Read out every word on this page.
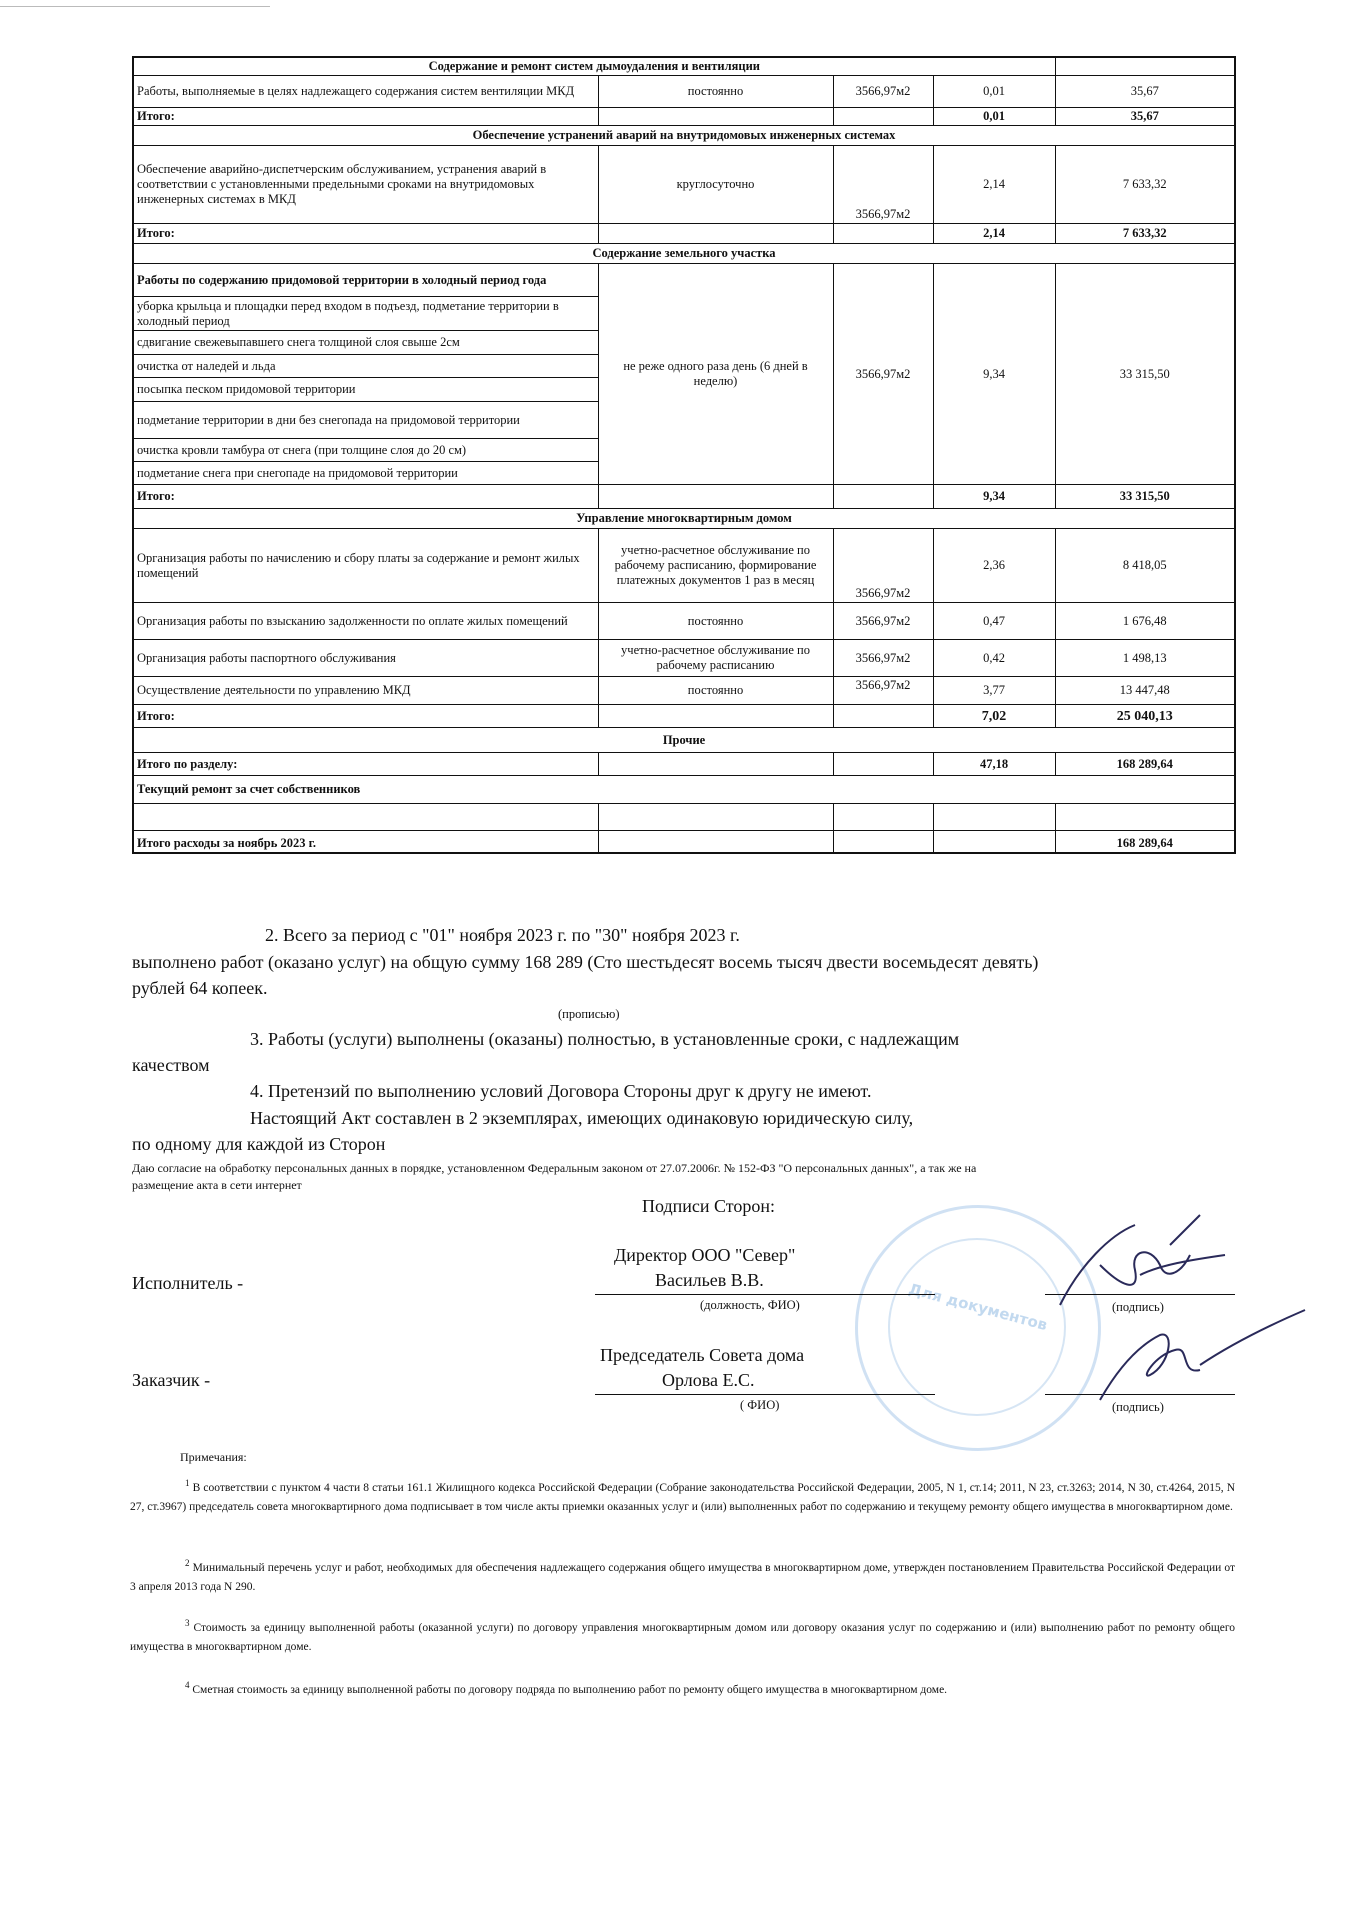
Содержание и ремонт систем дымоудаления и вентиляции				
Работы, выполняемые в целях надлежащего содержания систем вентиляции МКД	постоянно	3566,97м2	0,01	35,67
Итого:			0,01	35,67
Обеспечение устранений аварий на внутридомовых инженерных системах				
Обеспечение аварийно-диспетчерским обслуживанием, устранения аварий в соответствии с установленными предельными сроками на внутридомовых инженерных системах в МКД	круглосуточно	3566,97м2	2,14	7 633,32
Итого:			2,14	7 633,32
Содержание земельного участка				
Работы по содержанию придомовой территории в холодный период года	не реже одного раза день (6 дней в неделю)	3566,97м2	9,34	33 315,50
уборка крыльца и площадки перед входом в подъезд, подметание территории в холодный период				
сдвигание свежевыпавшего снега толщиной слоя свыше 2см				
очистка от наледей и льда				
посыпка песком придомовой территории				
подметание территории в дни без снегопада на придомовой территории				
очистка кровли тамбура от снега (при толщине слоя до 20 см)				
подметание снега при снегопаде на придомовой территории				
Итого:			9,34	33 315,50
Управление многоквартирным домом				
Организация работы по начислению и сбору платы за содержание и ремонт жилых помещений	учетно-расчетное обслуживание по рабочему расписанию, формирование платежных документов 1 раз в месяц	3566,97м2	2,36	8 418,05
Организация работы по взысканию задолженности по оплате жилых помещений	постоянно	3566,97м2	0,47	1 676,48
Организация работы паспортного обслуживания	учетно-расчетное обслуживание по рабочему расписанию	3566,97м2	0,42	1 498,13
Осуществление деятельности по управлению МКД	постоянно	3566,97м2	3,77	13 447,48
Итого:			7,02	25 040,13
Прочие				
Итого по разделу:			47,18	168 289,64
Текущий ремонт за счет собственников				

Итого расходы за ноябрь 2023 г.				168 289,64
2. Всего за период с "01" ноября 2023 г. по "30" ноября 2023 г.
выполнено работ (оказано услуг) на общую сумму 168 289 (Сто шестьдесят восемь тысяч двести восемьдесят девять)
рублей 64 копеек.
(прописью)
3. Работы (услуги) выполнены (оказаны) полностью, в установленные сроки, с надлежащим
качеством
4. Претензий по выполнению условий Договора Стороны друг к другу не имеют.
Настоящий Акт составлен в 2 экземплярах, имеющих одинаковую юридическую силу,
по одному для каждой из Сторон
Даю согласие на обработку персональных данных в порядке, установленном Федеральным законом от 27.07.2006г. № 152-ФЗ "О персональных данных", а так же на
размещение акта в сети интернет
Для документов
Подписи Сторон:
Исполнитель -
Директор ООО "Север"
Васильев В.В.
(должность, ФИО)	(подпись)
Заказчик -
Председатель Совета дома
Орлова Е.С.
( ФИО)	(подпись)
Примечания:
$^1$ В соответствии с пунктом 4 части 8 статьи 161.1 Жилищного кодекса Российской Федерации (Собрание законодательства Российской Федерации, 2005, N 1, ст.14; 2011, N 23, ст.3263; 2014, N 30, ст.4264, 2015, N 27, ст.3967) председатель совета многоквартирного дома подписывает в том числе акты приемки оказанных услуг и (или) выполненных работ по содержанию и текущему ремонту общего имущества в многоквартирном доме.
$^2$ Минимальный перечень услуг и работ, необходимых для обеспечения надлежащего содержания общего имущества в многоквартирном доме, утвержден постановлением Правительства Российской Федерации от 3 апреля 2013 года N 290.
$^3$ Стоимость за единицу выполненной работы (оказанной услуги) по договору управления многоквартирным домом или договору оказания услуг по содержанию и (или) выполнению работ по ремонту общего имущества в многоквартирном доме.
$^4$ Сметная стоимость за единицу выполненной работы по договору подряда по выполнению работ по ремонту общего имущества в многоквартирном доме.
